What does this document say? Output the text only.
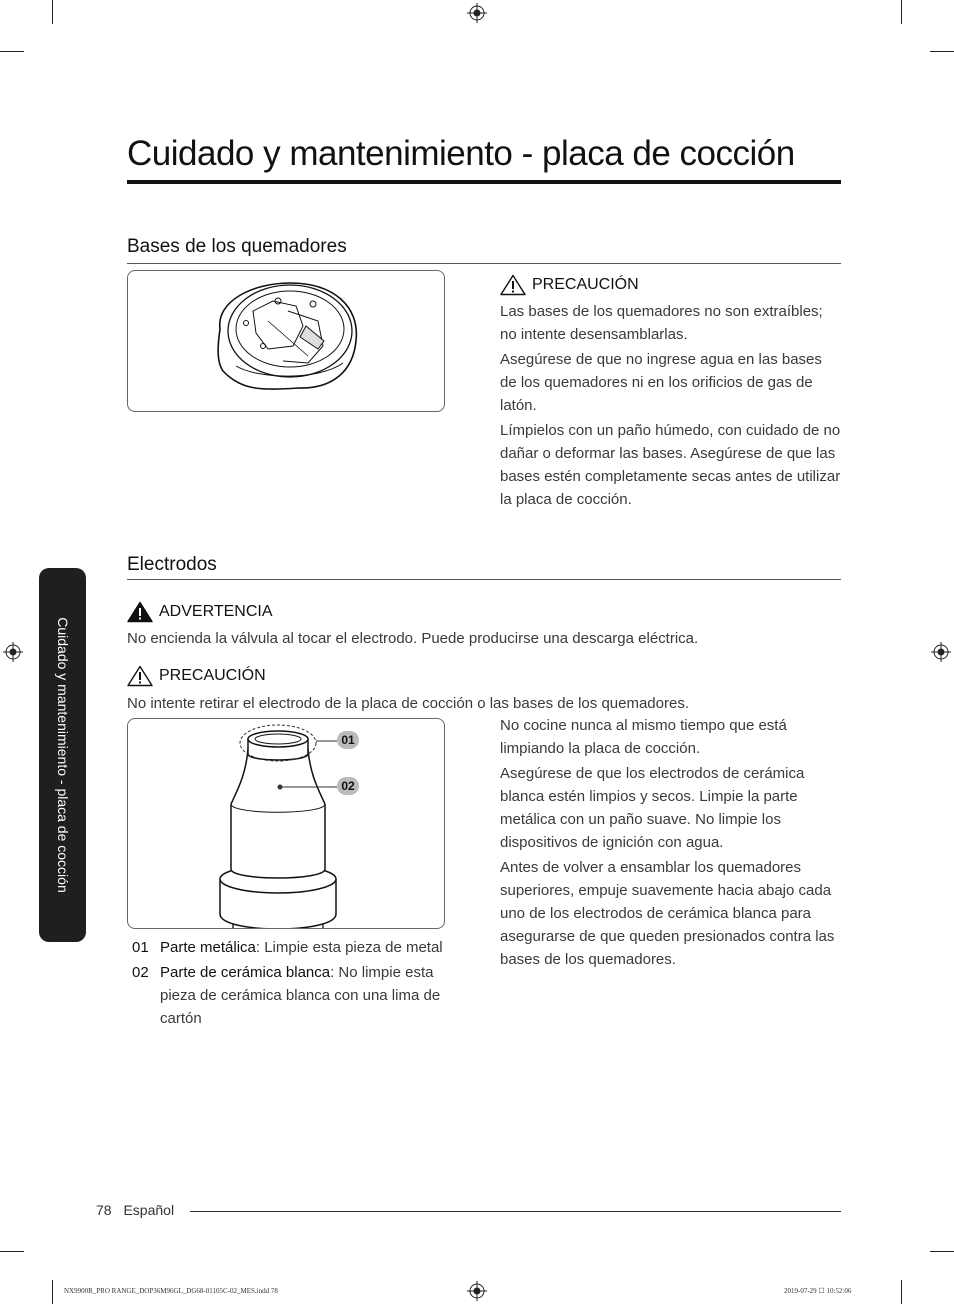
Cuidado y mantenimiento - placa de cocción
Cuidado y mantenimiento - placa de cocción
Bases de los quemadores
PRECAUCIÓN

Las bases de los quemadores no son extraíbles; no intente desensamblarlas.

Asegúrese de que no ingrese agua en las bases de los quemadores ni en los orificios de gas de latón.

Límpielos con un paño húmedo, con cuidado de no dañar o deformar las bases. Asegúrese de que las bases estén completamente secas antes de utilizar la placa de cocción.

Electrodos
ADVERTENCIA

No encienda la válvula al tocar el electrodo. Puede producirse una descarga eléctrica.

PRECAUCIÓN

No intente retirar el electrodo de la placa de cocción o las bases de los quemadores.

01
02
01 Parte metálica: Limpie esta pieza de metal
02 Parte de cerámica blanca: No limpie esta pieza de cerámica blanca con una lima de cartón

No cocine nunca al mismo tiempo que está limpiando la placa de cocción.

Asegúrese de que los electrodos de cerámica blanca estén limpios y secos. Limpie la parte metálica con un paño suave. No limpie los dispositivos de ignición con agua.

Antes de volver a ensamblar los quemadores superiores, empuje suavemente hacia abajo cada uno de los electrodos de cerámica blanca para asegurarse de que queden presionados contra las bases de los quemadores.

78 Español
NX9900R_PRO RANGE_DOP36M96GL_DG68-01105C-02_MES.indd 78	2019-07-29 ☐ 10:52:06
